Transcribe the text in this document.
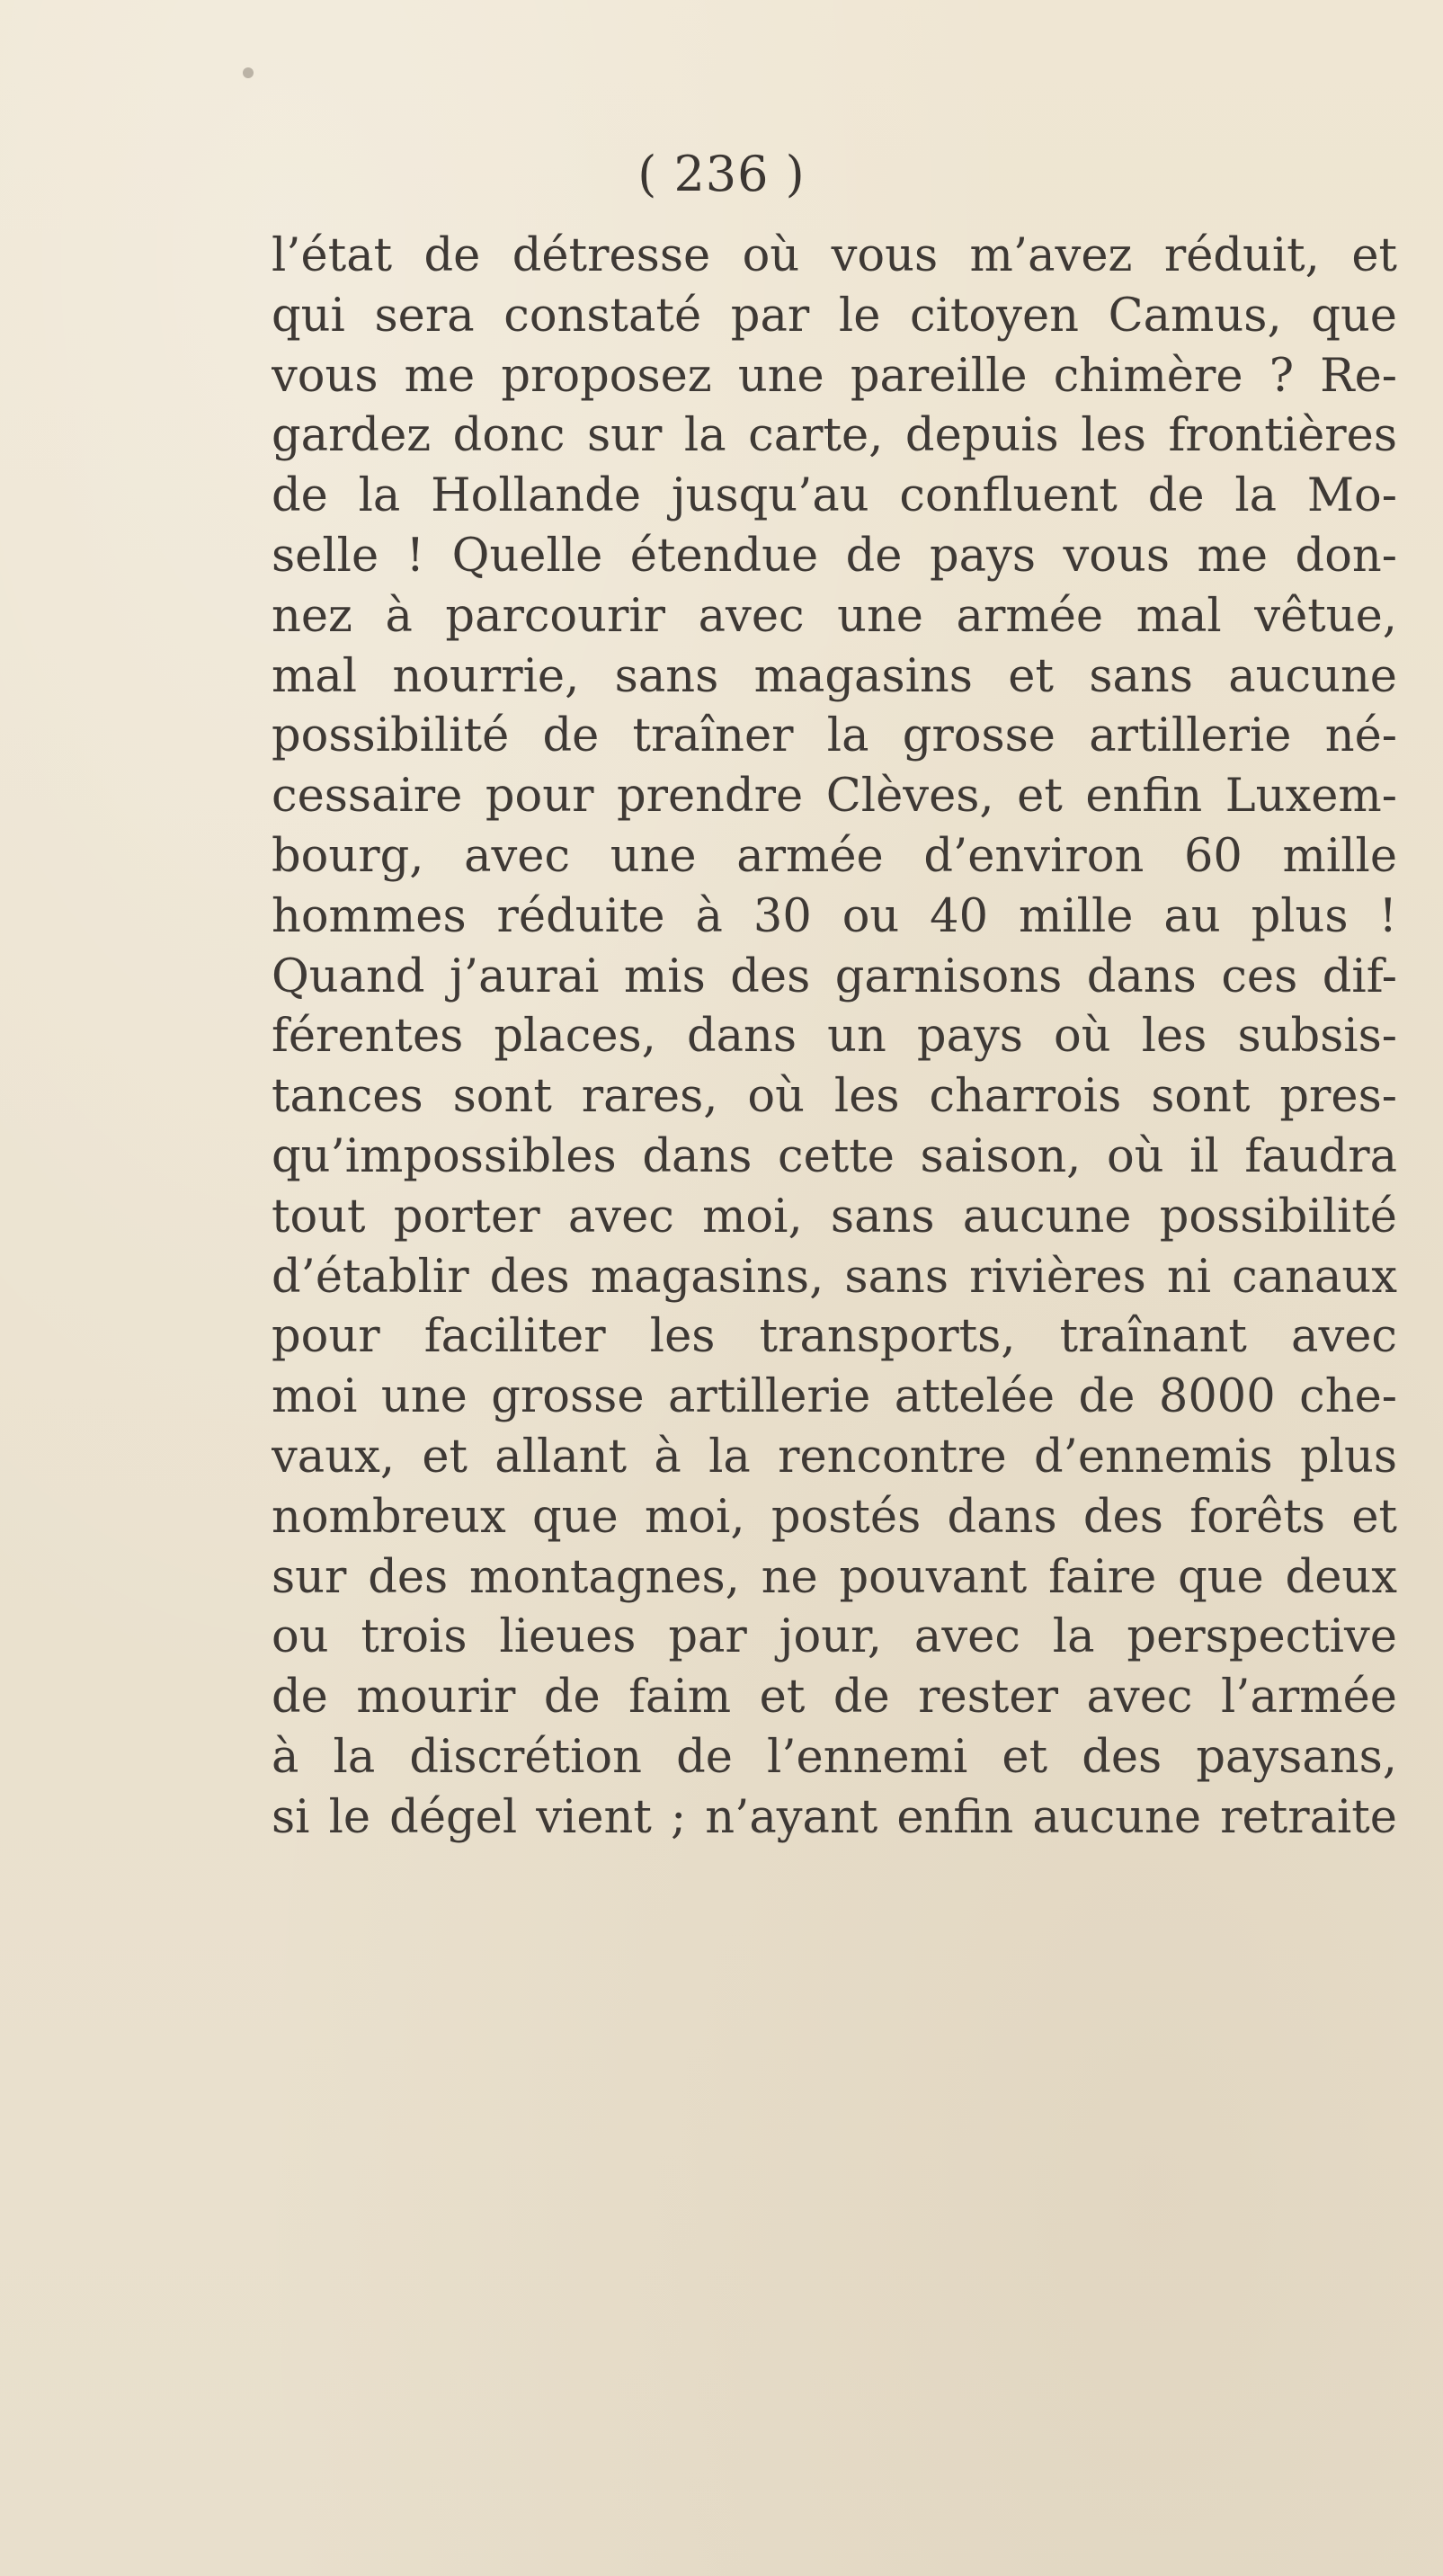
( 236 )
l’état de détresse où vous m’avez réduit, et
qui sera constaté par le citoyen Camus, que
vous me proposez une pareille chimère ? Re-
gardez donc sur la carte, depuis les frontières
de la Hollande jusqu’au confluent de la Mo-
selle ! Quelle étendue de pays vous me don-
nez à parcourir avec une armée mal vêtue,
mal nourrie, sans magasins et sans aucune
possibilité de traîner la grosse artillerie né-
cessaire pour prendre Clèves, et enfin Luxem-
bourg, avec une armée d’environ 60 mille
hommes réduite à 30 ou 40 mille au plus !
Quand j’aurai mis des garnisons dans ces dif-
férentes places, dans un pays où les subsis-
tances sont rares, où les charrois sont pres-
qu’impossibles dans cette saison, où il faudra
tout porter avec moi, sans aucune possibilité
d’établir des magasins, sans rivières ni canaux
pour faciliter les transports, traînant avec
moi une grosse artillerie attelée de 8000 che-
vaux, et allant à la rencontre d’ennemis plus
nombreux que moi, postés dans des forêts et
sur des montagnes, ne pouvant faire que deux
ou trois lieues par jour, avec la perspective
de mourir de faim et de rester avec l’armée
à la discrétion de l’ennemi et des paysans,
si le dégel vient ; n’ayant enfin aucune retraite
